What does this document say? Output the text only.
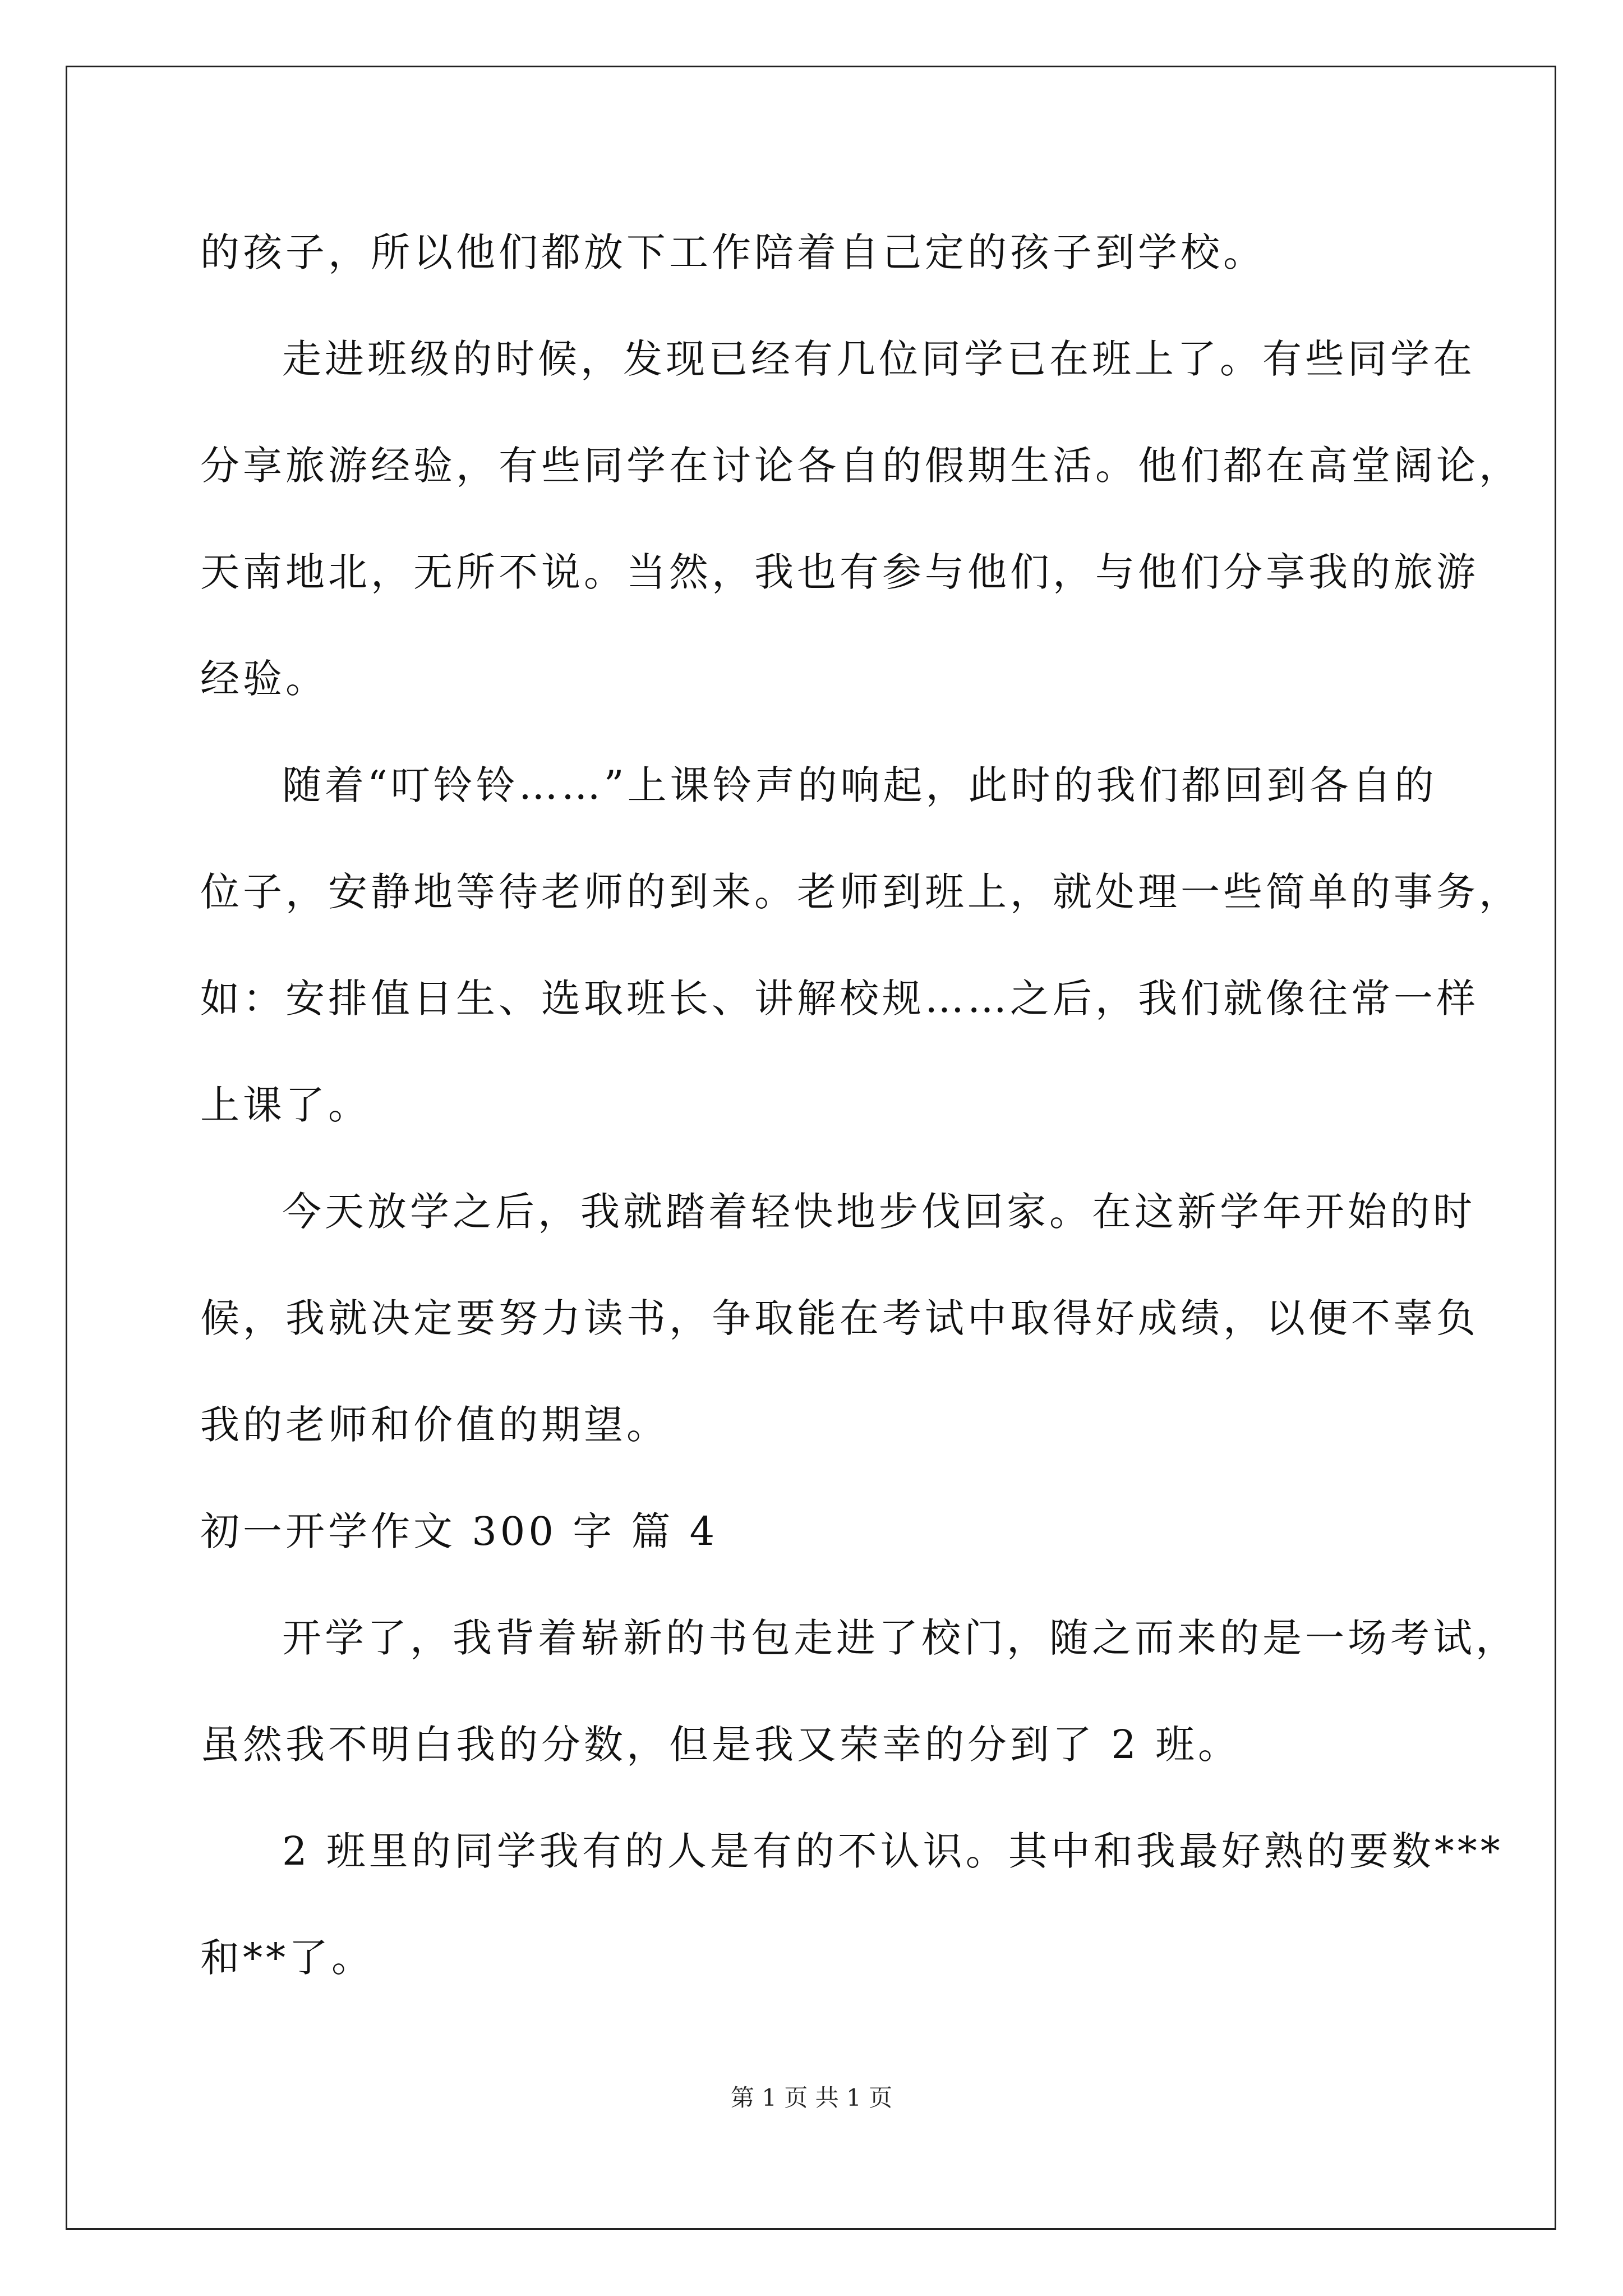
的孩子，所以他们都放下工作陪着自己定的孩子到学校。
走进班级的时候，发现已经有几位同学已在班上了。有些同学在
分享旅游经验，有些同学在讨论各自的假期生活。他们都在高堂阔论，
天南地北，无所不说。当然，我也有参与他们，与他们分享我的旅游
经验。
随着“叮铃铃……”上课铃声的响起，此时的我们都回到各自的
位子，安静地等待老师的到来。老师到班上，就处理一些简单的事务，
如：安排值日生、选取班长、讲解校规……之后，我们就像往常一样
上课了。
今天放学之后，我就踏着轻快地步伐回家。在这新学年开始的时
候，我就决定要努力读书，争取能在考试中取得好成绩，以便不辜负
我的老师和价值的期望。
初一开学作文 300 字 篇 4
开学了，我背着崭新的书包走进了校门，随之而来的是一场考试，
虽然我不明白我的分数，但是我又荣幸的分到了 2 班。
2 班里的同学我有的人是有的不认识。其中和我最好熟的要数***
和**了。
第 1 页 共 1 页
